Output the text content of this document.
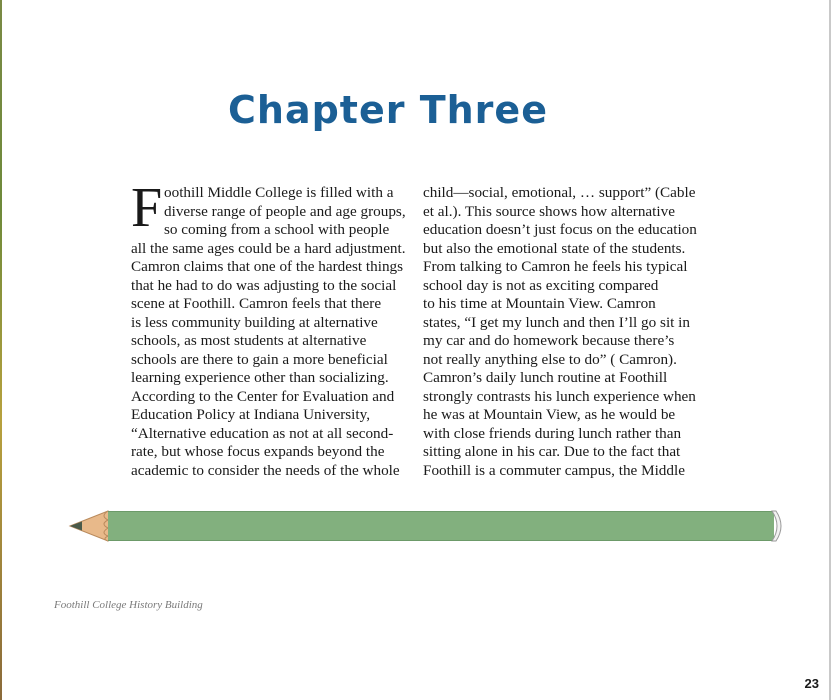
Chapter Three
F oothill Middle College is filled with a
diverse range of people and age groups,
so coming from a school with people
all the same ages could be a hard adjustment.
Camron claims that one of the hardest things
that he had to do was adjusting to the social
scene at Foothill. Camron feels that there
is less community building at alternative
schools, as most students at alternative
schools are there to gain a more beneficial
learning experience other than socializing.
According to the Center for Evaluation and
Education Policy at Indiana University,
“Alternative education as not at all second-
rate, but whose focus expands beyond the
academic to consider the needs of the whole
child—social, emotional, … support” (Cable
et al.). This source shows how alternative
education doesn’t just focus on the education
but also the emotional state of the students.
From talking to Camron he feels his typical
school day is not as exciting compared
to his time at Mountain View. Camron
states, “I get my lunch and then I’ll go sit in
my car and do homework because there’s
not really anything else to do” ( Camron).
Camron’s daily lunch routine at Foothill
strongly contrasts his lunch experience when
he was at Mountain View, as he would be
with close friends during lunch rather than
sitting alone in his car. Due to the fact that
Foothill is a commuter campus, the Middle
Foothill College History Building
23
